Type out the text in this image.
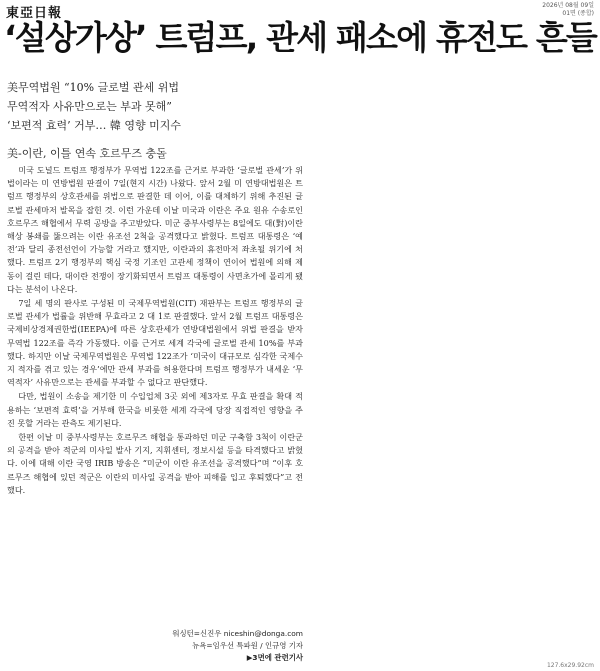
東亞日報
2026년 08월 09일
01면 (종합)
‘설상가상’ 트럼프, 관세 패소에 휴전도 흔들
美무역법원 “10% 글로벌 관세 위법
무역적자 사유만으로는 부과 못해”
‘보편적 효력’ 거부… 韓 영향 미지수
美-이란, 이틀 연속 호르무즈 충돌

미국 도널드 트럼프 행정부가 무역법 122조를 근거로 부과한 ‘글로벌 관세’가 위법이라는 미 연방법원 판결이 7일(현지 시간) 나왔다. 앞서 2월 미 연방대법원은 트럼프 행정부의 상호관세를 위법으로 판결한 데 이어, 이를 대체하기 위해 추진된 글로벌 관세마저 발목을 잡힌 것. 이런 가운데 이날 미국과 이란은 주요 원유 수송로인 호르무즈 해협에서 무력 공방을 주고받았다. 미군 중부사령부는 8일에도 대(對)이란 해상 봉쇄를 뚫으려는 이란 유조선 2척을 공격했다고 밝혔다. 트럼프 대통령은 ‘예전’과 달리 종전선언이 가능할 거라고 했지만, 이란과의 휴전마저 좌초될 위기에 처했다. 트럼프 2기 행정부의 핵심 국정 기조인 고관세 정책이 연이어 법원에 의해 제동이 걸린 데다, 대이란 전쟁이 장기화되면서 트럼프 대통령이 사면초가에 몰리게 됐다는 분석이 나온다.

7일 세 명의 판사로 구성된 미 국제무역법원(CIT) 재판부는 트럼프 행정부의 글로벌 관세가 법률을 위반해 무효라고 2 대 1로 판결했다. 앞서 2월 트럼프 대통령은 국제비상경제권한법(IEEPA)에 따른 상호관세가 연방대법원에서 위법 판결을 받자 무역법 122조를 즉각 가동했다. 이를 근거로 세계 각국에 글로벌 관세 10%를 부과했다. 하지만 이날 국제무역법원은 무역법 122조가 ‘미국이 대규모로 심각한 국제수지 적자를 겪고 있는 경우’에만 관세 부과를 허용한다며 트럼프 행정부가 내세운 ‘무역적자’ 사유만으로는 관세를 부과할 수 없다고 판단했다.

다만, 법원이 소송을 제기한 미 수입업체 3곳 외에 제3자로 무효 판결을 확대 적용하는 ‘보편적 효력’을 거부해 한국을 비롯한 세계 각국에 당장 직접적인 영향을 주진 못할 거라는 관측도 제기된다.

한편 이날 미 중부사령부는 호르무즈 해협을 통과하던 미군 구축함 3척이 이란군의 공격을 받아 적군의 미사일 발사 기지, 지휘센터, 정보시설 등을 타격했다고 밝혔다. 이에 대해 이란 국영 IRIB 방송은 “미군이 이란 유조선을 공격했다”며 “이후 호르무즈 해협에 있던 적군은 이란의 미사일 공격을 받아 피해를 입고 후퇴했다”고 전했다.

워싱턴=신진우 niceshin@donga.com
뉴욕=임우선 특파원 / 인규영 기자
▶3면에 관련기사
127.6x29.92cm
